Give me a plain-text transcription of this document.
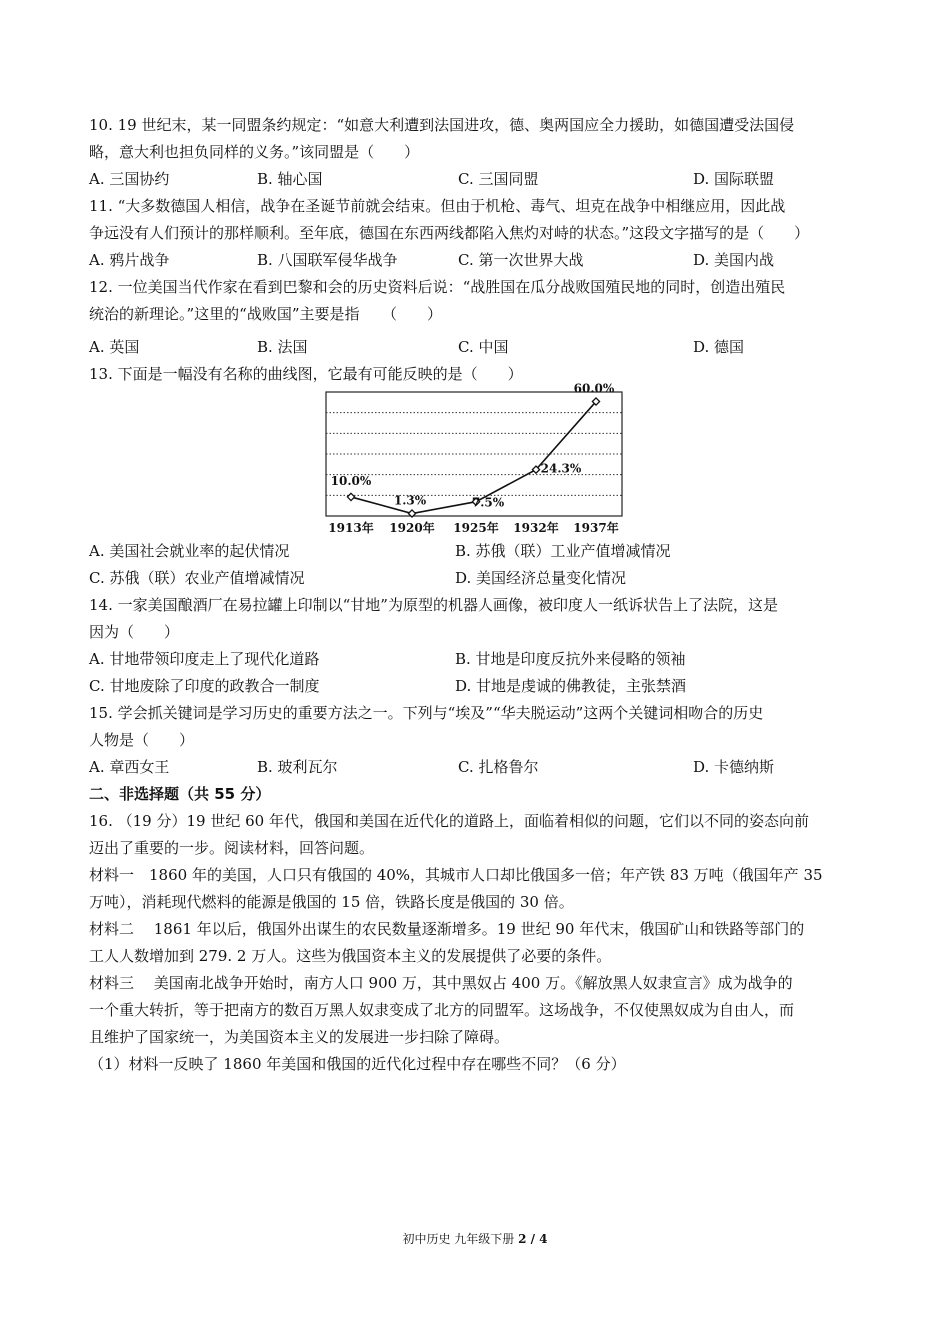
10. 19 世纪末，某一同盟条约规定：“如意大利遭到法国进攻，德、奥两国应全力援助，如德国遭受法国侵
略，意大利也担负同样的义务。”该同盟是（　　）
A. 三国协约	B. 轴心国	C. 三国同盟	D. 国际联盟
11. “大多数德国人相信，战争在圣诞节前就会结束。但由于机枪、毒气、坦克在战争中相继应用，因此战
争远没有人们预计的那样顺利。至年底，德国在东西两线都陷入焦灼对峙的状态。”这段文字描写的是（　　）
A. 鸦片战争	B. 八国联军侵华战争	C. 第一次世界大战	D. 美国内战
12. 一位美国当代作家在看到巴黎和会的历史资料后说：“战胜国在瓜分战败国殖民地的同时，创造出殖民
统治的新理论。”这里的“战败国”主要是指　　（　　）
A. 英国	B. 法国	C. 中国	D. 德国
13. 下面是一幅没有名称的曲线图，它最有可能反映的是（　　）
10.0%
1.3%	7.5%
24.3%
60.0%
1913年 1920年 1925年 1932年 1937年
A. 美国社会就业率的起伏情况	B. 苏俄（联）工业产值增减情况
C. 苏俄（联）农业产值增减情况	D. 美国经济总量变化情况
14. 一家美国酿酒厂在易拉罐上印制以“甘地”为原型的机器人画像，被印度人一纸诉状告上了法院，这是
因为（　　）
A. 甘地带领印度走上了现代化道路	B. 甘地是印度反抗外来侵略的领袖
C. 甘地废除了印度的政教合一制度	D. 甘地是虔诚的佛教徒，主张禁酒
15. 学会抓关键词是学习历史的重要方法之一。下列与“埃及”“华夫脱运动”这两个关键词相吻合的历史
人物是（　　）
A. 章西女王	B. 玻利瓦尔	C. 扎格鲁尔	D. 卡德纳斯
二、非选择题（共 55 分）
16. （19 分）19 世纪 60 年代，俄国和美国在近代化的道路上，面临着相似的问题，它们以不同的姿态向前
迈出了重要的一步。阅读材料，回答问题。
材料一　1860 年的美国，人口只有俄国的 40%，其城市人口却比俄国多一倍；年产铁 83 万吨（俄国年产 35
万吨），消耗现代燃料的能源是俄国的 15 倍，铁路长度是俄国的 30 倍。
材料二　 1861 年以后，俄国外出谋生的农民数量逐渐增多。19 世纪 90 年代末，俄国矿山和铁路等部门的
工人人数增加到 279. 2 万人。这些为俄国资本主义的发展提供了必要的条件。
材料三　 美国南北战争开始时，南方人口 900 万，其中黑奴占 400 万。《解放黑人奴隶宣言》成为战争的
一个重大转折，等于把南方的数百万黑人奴隶变成了北方的同盟军。这场战争，不仅使黑奴成为自由人，而
且维护了国家统一，为美国资本主义的发展进一步扫除了障碍。
（1）材料一反映了 1860 年美国和俄国的近代化过程中存在哪些不同？（6 分）
初中历史 九年级下册 2 / 4
